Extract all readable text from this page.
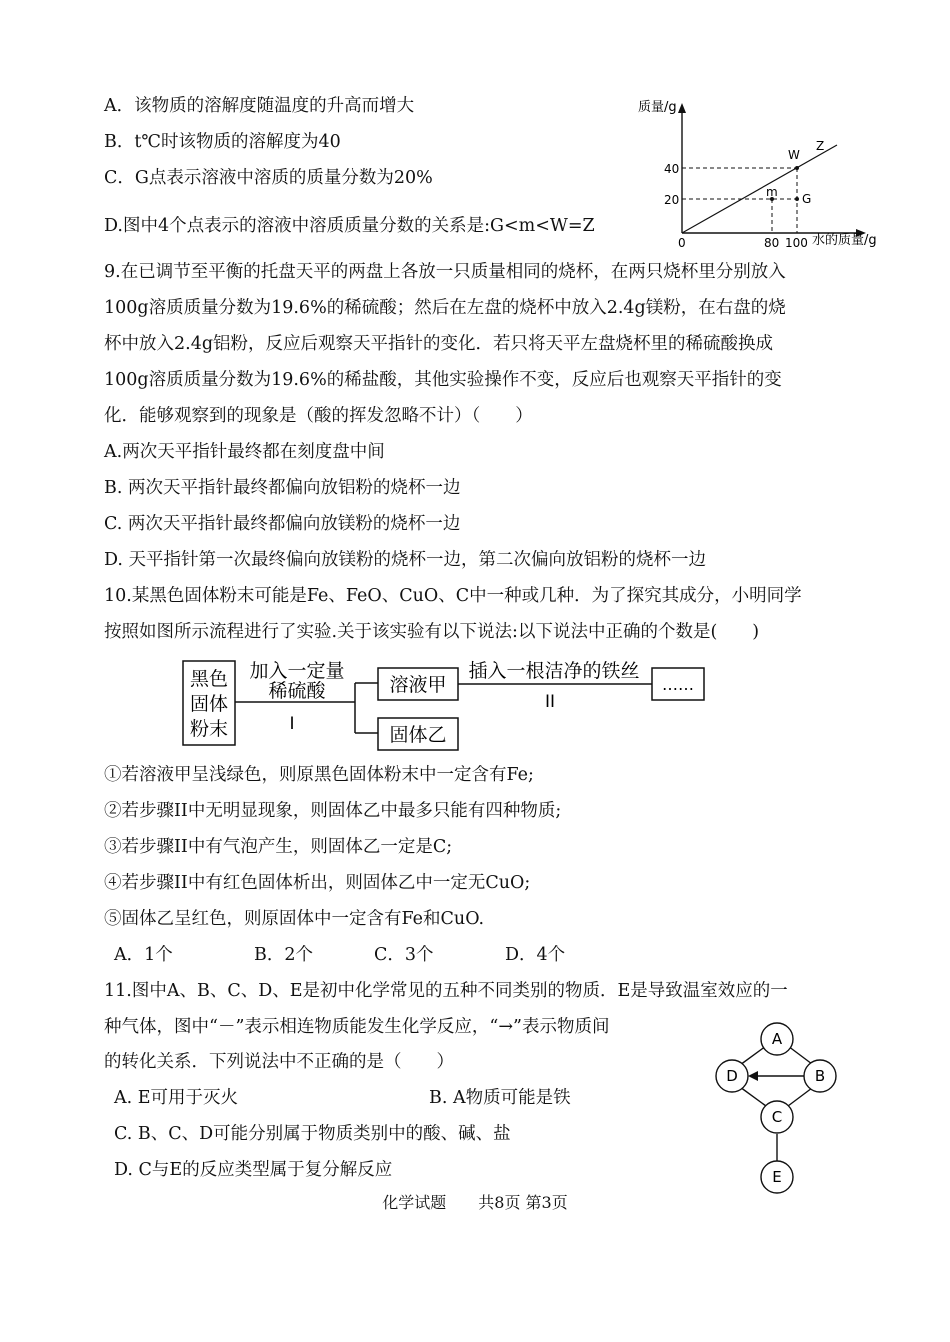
A．该物质的溶解度随温度的升高而增大
B．t℃时该物质的溶解度为40
C．G点表示溶液中溶质的质量分数为20%
D.图中4个点表示的溶液中溶质质量分数的关系是:G<m<W=Z
质量/g
40
20
0	80 100 水的质量/g
W
Z
m G
9.在已调节至平衡的托盘天平的两盘上各放一只质量相同的烧杯，在两只烧杯里分别放入
100g溶质质量分数为19.6%的稀硫酸；然后在左盘的烧杯中放入2.4g镁粉，在右盘的烧
杯中放入2.4g铝粉，反应后观察天平指针的变化．若只将天平左盘烧杯里的稀硫酸换成
100g溶质质量分数为19.6%的稀盐酸，其他实验操作不变，反应后也观察天平指针的变
化．能够观察到的现象是（酸的挥发忽略不计）（　　）
A.两次天平指针最终都在刻度盘中间
B. 两次天平指针最终都偏向放铝粉的烧杯一边
C. 两次天平指针最终都偏向放镁粉的烧杯一边
D. 天平指针第一次最终偏向放镁粉的烧杯一边，第二次偏向放铝粉的烧杯一边
10.某黑色固体粉末可能是Fe、FeO、CuO、C中一种或几种．为了探究其成分，小明同学
按照如图所示流程进行了实验.关于该实验有以下说法:以下说法中正确的个数是(　　)
黑色
固体
粉末
加入一定量
稀硫酸
I
溶液甲
固体乙
插入一根洁净的铁丝
II
……
①若溶液甲呈浅绿色，则原黑色固体粉末中一定含有Fe;
②若步骤II中无明显现象，则固体乙中最多只能有四种物质;
③若步骤II中有气泡产生，则固体乙一定是C;
④若步骤II中有红色固体析出，则固体乙中一定无CuO;
⑤固体乙呈红色，则原固体中一定含有Fe和CuO.
A．1个	B．2个	C．3个	D．4个
11.图中A、B、C、D、E是初中化学常见的五种不同类别的物质．E是导致温室效应的一
种气体，图中“－”表示相连物质能发生化学反应，“→”表示物质间
的转化关系．下列说法中不正确的是（　　）
A. E可用于灭火	B. A物质可能是铁
C. B、C、D可能分别属于物质类别中的酸、碱、盐
D. C与E的反应类型属于复分解反应
A
B
C
D
E
化学试题　　共8页 第3页
